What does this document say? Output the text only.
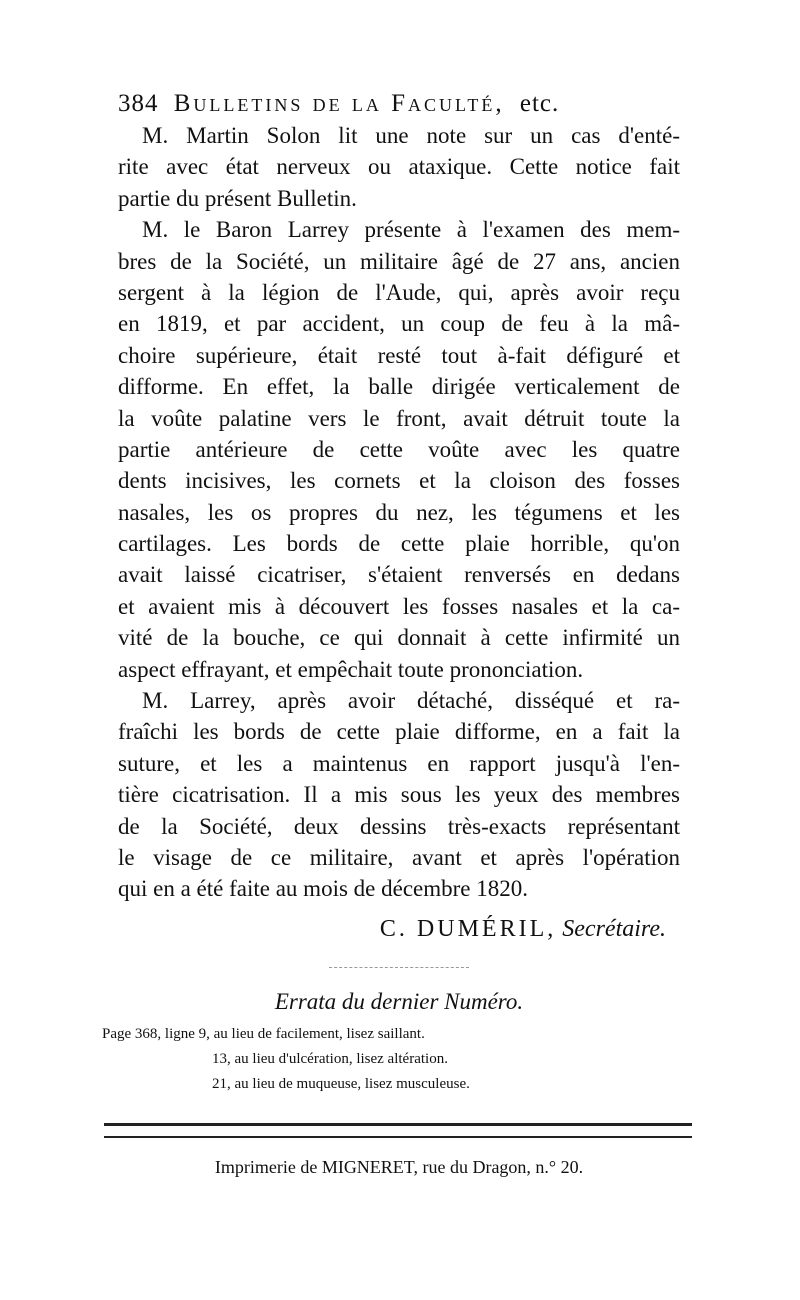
384 Bulletins de la Faculté, etc.
M. Martin Solon lit une note sur un cas d'enté-
rite avec état nerveux ou ataxique. Cette notice fait
partie du présent Bulletin.
M. le Baron Larrey présente à l'examen des mem-
bres de la Société, un militaire âgé de 27 ans, ancien
sergent à la légion de l'Aude, qui, après avoir reçu
en 1819, et par accident, un coup de feu à la mâ-
choire supérieure, était resté tout à-fait défiguré et
difforme. En effet, la balle dirigée verticalement de
la voûte palatine vers le front, avait détruit toute la
partie antérieure de cette voûte avec les quatre
dents incisives, les cornets et la cloison des fosses
nasales, les os propres du nez, les tégumens et les
cartilages. Les bords de cette plaie horrible, qu'on
avait laissé cicatriser, s'étaient renversés en dedans
et avaient mis à découvert les fosses nasales et la ca-
vité de la bouche, ce qui donnait à cette infirmité un
aspect effrayant, et empêchait toute prononciation.
M. Larrey, après avoir détaché, disséqué et ra-
fraîchi les bords de cette plaie difforme, en a fait la
suture, et les a maintenus en rapport jusqu'à l'en-
tière cicatrisation. Il a mis sous les yeux des membres
de la Société, deux dessins très-exacts représentant
le visage de ce militaire, avant et après l'opération
qui en a été faite au mois de décembre 1820.
C. DUMÉRIL, Secrétaire.
Errata du dernier Numéro.
Page 368, ligne 9, au lieu de facilement, lisez saillant.
13, au lieu d'ulcération, lisez altération.
21, au lieu de muqueuse, lisez musculeuse.
Imprimerie de MIGNERET, rue du Dragon, n.° 20.
